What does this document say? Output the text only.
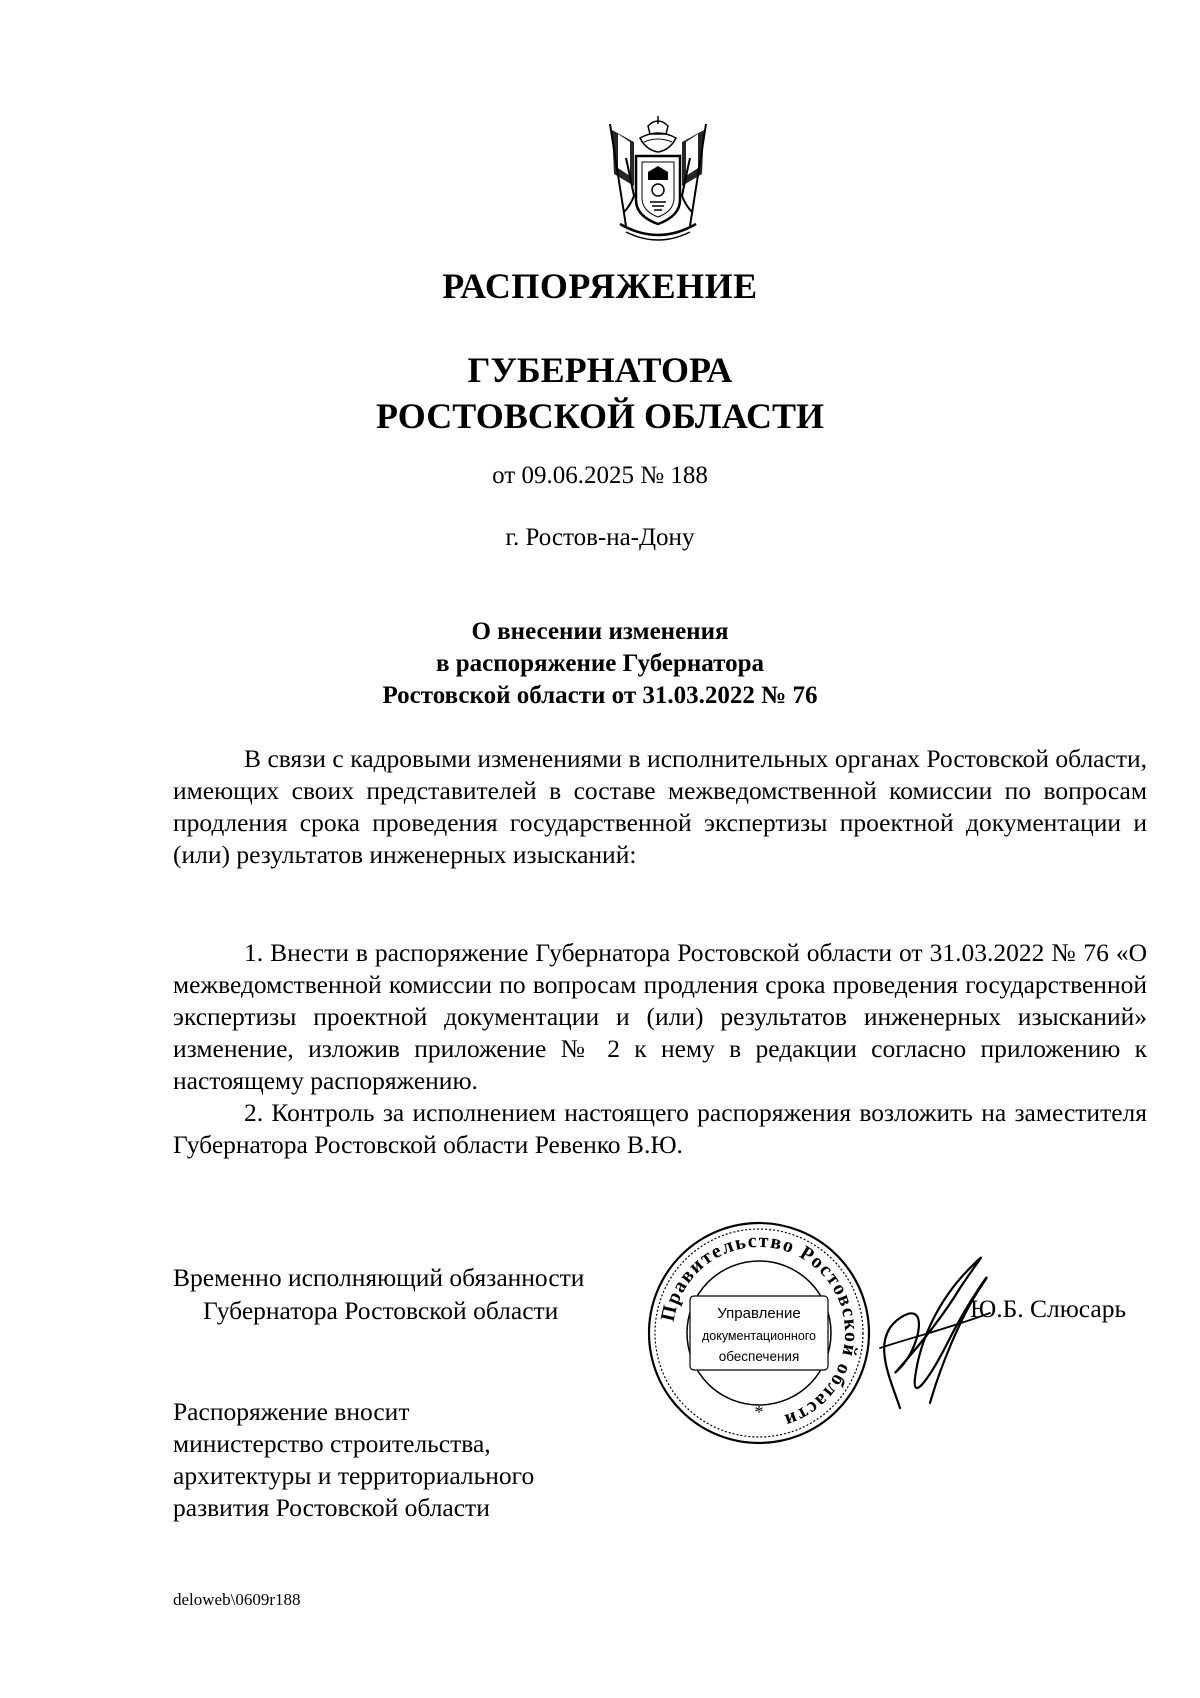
РАСПОРЯЖЕНИЕ
ГУБЕРНАТОРА
РОСТОВСКОЙ ОБЛАСТИ
от 09.06.2025 № 188
г. Ростов-на-Дону
О внесении изменения
в распоряжение Губернатора
Ростовской области от 31.03.2022 № 76

В связи с кадровыми изменениями в исполнительных органах Ростовской области, имеющих своих представителей в составе межведомственной комиссии по вопросам продления срока проведения государственной экспертизы проектной документации и (или) результатов инженерных изысканий:

1. Внести в распоряжение Губернатора Ростовской области от 31.03.2022 № 76 «О межведомственной комиссии по вопросам продления срока проведения государственной экспертизы проектной документации и (или) результатов инженерных изысканий» изменение, изложив приложение № 2 к нему в редакции согласно приложению к настоящему распоряжению.

2. Контроль за исполнением настоящего распоряжения возложить на заместителя Губернатора Ростовской области Ревенко В.Ю.

Временно исполняющий обязанности
Губернатора Ростовской области	Правительство Ростовской области
Управление
документационного
обеспечения
*
Ю.Б. Слюсарь
Распоряжение вносит
министерство строительства,
архитектуры и территориального
развития Ростовской области
deloweb\0609r188
